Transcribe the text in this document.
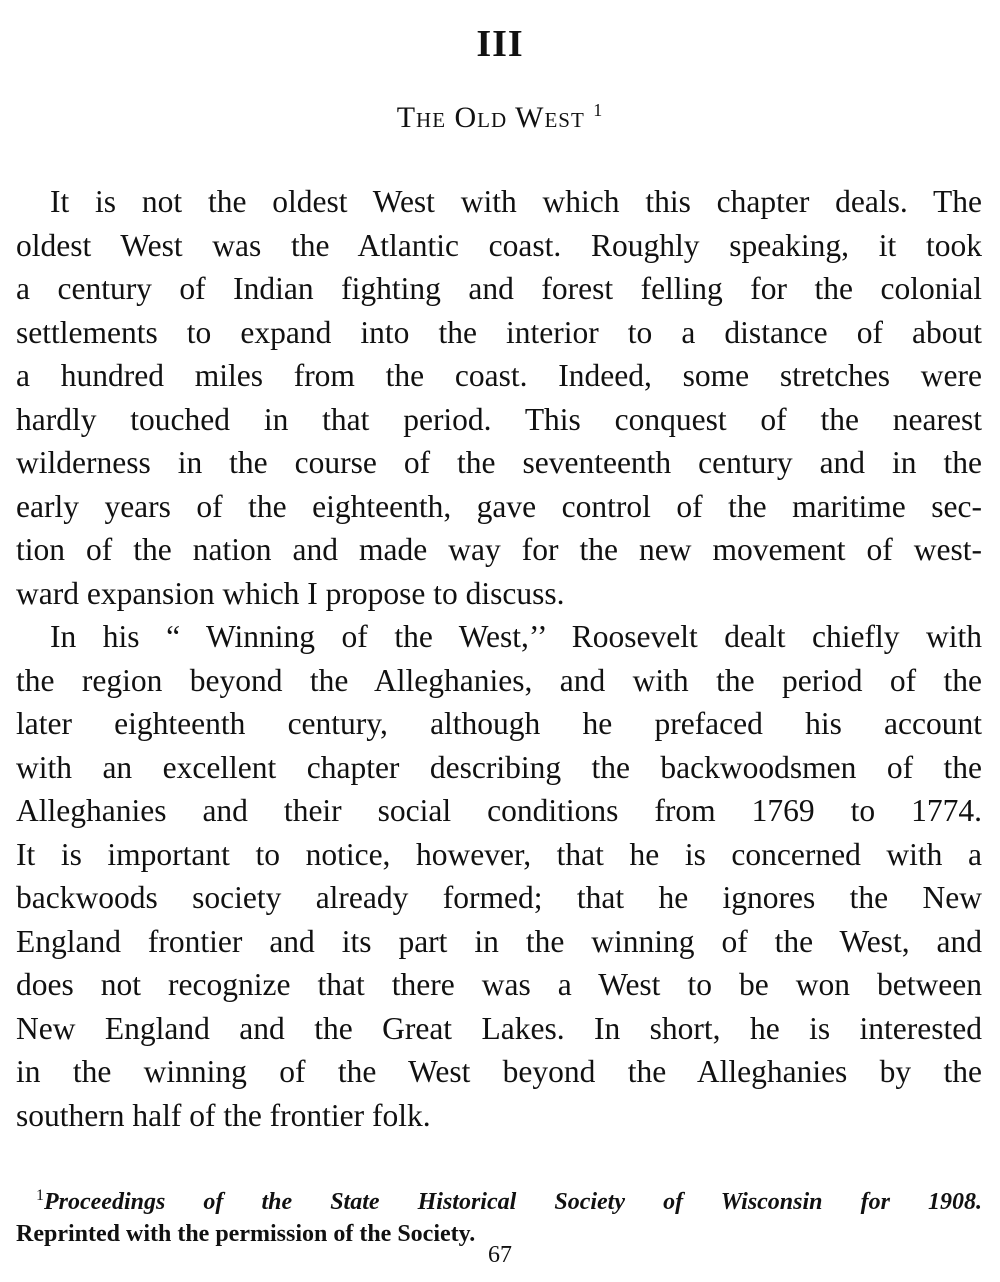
III
The Old West $^1$
It is not the oldest West with which this chapter deals. The
oldest West was the Atlantic coast. Roughly speaking, it took
a century of Indian fighting and forest felling for the colonial
settlements to expand into the interior to a distance of about
a hundred miles from the coast. Indeed, some stretches were
hardly touched in that period. This conquest of the nearest
wilderness in the course of the seventeenth century and in the
early years of the eighteenth, gave control of the maritime sec-
tion of the nation and made way for the new movement of west-
ward expansion which I propose to discuss.
In his “ Winning of the West,’’ Roosevelt dealt chiefly with
the region beyond the Alleghanies, and with the period of the
later eighteenth century, although he prefaced his account
with an excellent chapter describing the backwoodsmen of the
Alleghanies and their social conditions from 1769 to 1774.
It is important to notice, however, that he is concerned with a
backwoods society already formed; that he ignores the New
England frontier and its part in the winning of the West, and
does not recognize that there was a West to be won between
New England and the Great Lakes. In short, he is interested
in the winning of the West beyond the Alleghanies by the
southern half of the frontier folk.
$^1$Proceedings of the State Historical Society of Wisconsin for 1908.
Reprinted with the permission of the Society.
67
